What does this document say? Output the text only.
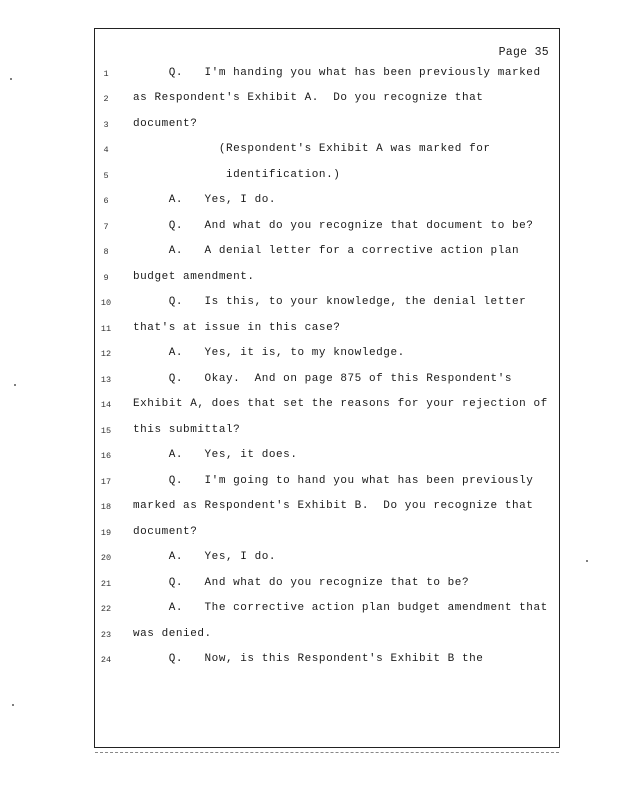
Page 35
1	Q.   I'm handing you what has been previously marked
2	as Respondent's Exhibit A.  Do you recognize that
3	document?
4	(Respondent's Exhibit A was marked for
5	identification.)
6	A.   Yes, I do.
7	Q.   And what do you recognize that document to be?
8	A.   A denial letter for a corrective action plan
9	budget amendment.
10	Q.   Is this, to your knowledge, the denial letter
11	that's at issue in this case?
12	A.   Yes, it is, to my knowledge.
13	Q.   Okay.  And on page 875 of this Respondent's
14	Exhibit A, does that set the reasons for your rejection of
15	this submittal?
16	A.   Yes, it does.
17	Q.   I'm going to hand you what has been previously
18	marked as Respondent's Exhibit B.  Do you recognize that
19	document?
20	A.   Yes, I do.
21	Q.   And what do you recognize that to be?
22	A.   The corrective action plan budget amendment that
23	was denied.
24	Q.   Now, is this Respondent's Exhibit B the
